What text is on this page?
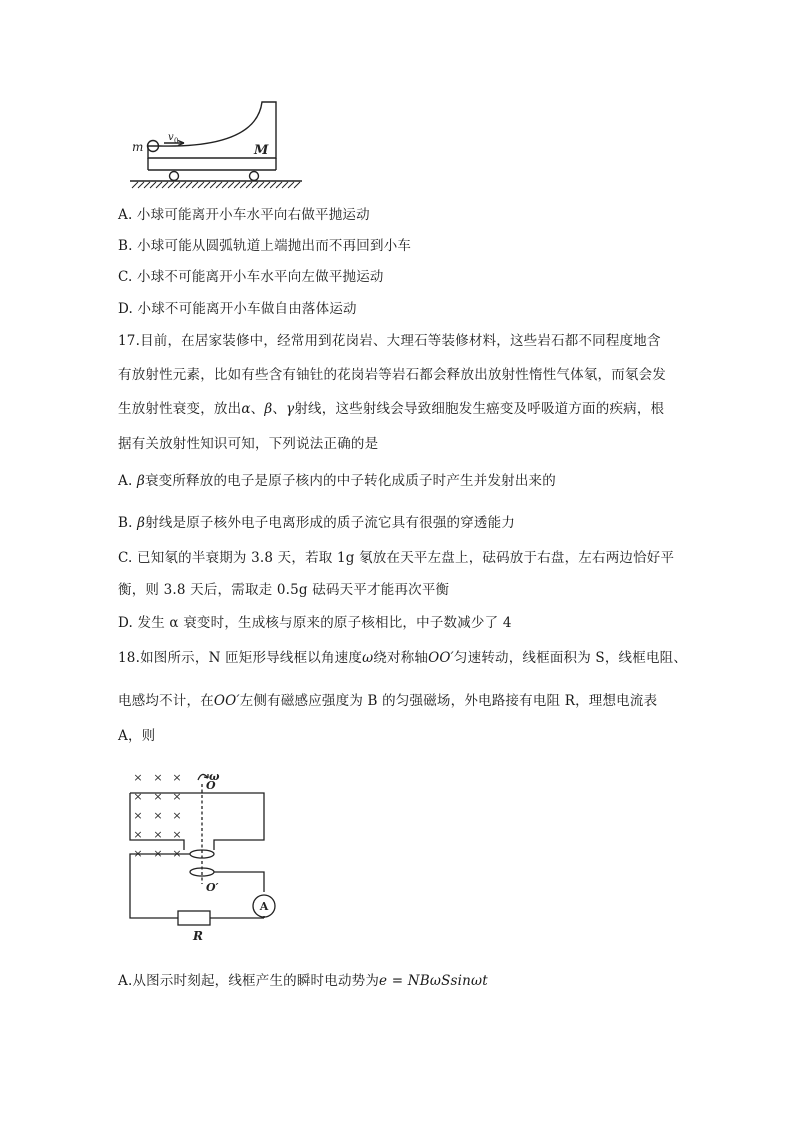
m
v 0
M
A. 小球可能离开小车水平向右做平抛运动
B. 小球可能从圆弧轨道上端抛出而不再回到小车
C. 小球不可能离开小车水平向左做平抛运动
D. 小球不可能离开小车做自由落体运动
17.目前，在居家装修中，经常用到花岗岩、大理石等装修材料，这些岩石都不同程度地含
有放射性元素，比如有些含有铀钍的花岗岩等岩石都会释放出放射性惰性气体氡，而氡会发
生放射性衰变，放出α、β、γ射线，这些射线会导致细胞发生癌变及呼吸道方面的疾病，根
据有关放射性知识可知，下列说法正确的是
A. β衰变所释放的电子是原子核内的中子转化成质子时产生并发射出来的
B. β射线是原子核外电子电离形成的质子流它具有很强的穿透能力
C. 已知氡的半衰期为 3.8 天，若取 1g 氡放在天平左盘上，砝码放于右盘，左右两边恰好平
衡，则 3.8 天后，需取走 0.5g 砝码天平才能再次平衡
D. 发生 α 衰变时，生成核与原来的原子核相比，中子数减少了 4
18.如图所示，N 匝矩形导线框以角速度ω绕对称轴OO′匀速转动，线框面积为 S，线框电阻、
电感均不计，在OO′左侧有磁感应强度为 B 的匀强磁场，外电路接有电阻 R，理想电流表
A，则
× × ×
× × ×
× × ×
× × ×
× × ×
ω
O
O′
A
R
A.从图示时刻起，线框产生的瞬时电动势为e = NBωSsinωt
